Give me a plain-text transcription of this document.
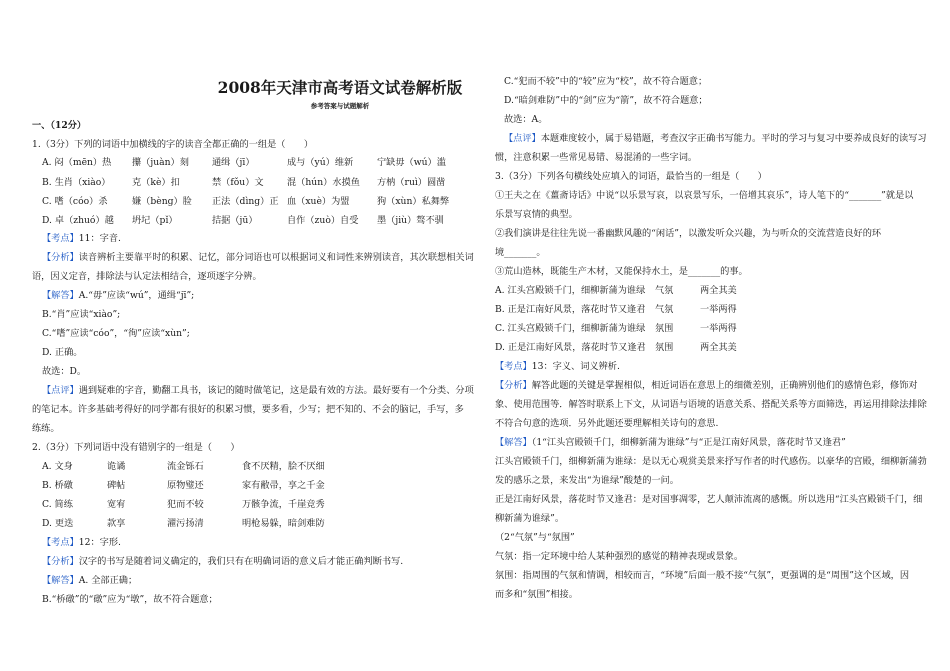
2008年天津市高考语文试卷解析版
参考答案与试题解析
一、（12分）
1.（3分）下列的词语中加横线的字的读音全都正确的一组是（　　）
A. 闷（mēn）热 攥（juàn）刻	通缉（jī）	成与（yú）维新	宁缺毋（wú）滥
B. 生肖（xiào） 克（kè）扣	禁（fǒu）文	混（hún）水摸鱼 方枘（ruì）圆凿
C. 嗜（cóo）杀	嫌（bèng）脸 正法（dìng）正 血（xuè）为盟	狗（xùn）私舞弊
D. 卓（zhuó）越 坍圮（pǐ）	拮据（jū）	自作（zuò）自受 墨（jiù）骜不驯
【考点】11：字音.
【分析】读音辨析主要靠平时的积累、记忆，部分词语也可以根据词义和词性来辨别读音，其次联想相关词
语，因义定音，排除法与认定法相结合，逐项逐字分辨。
【解答】A.“毋”应读“wú”，通缉“jī”;
B.“肖”应读“xiào”;
C.“嗜”应读“cóo”，“徇”应读“xùn”;
D. 正确。
故选：D。
【点评】遇到疑难的字音，勤翻工具书，该记的随时做笔记，这是最有效的方法。最好要有一个分类、分项
的笔记本。许多基础考得好的同学都有很好的积累习惯，要多看，少写；把不知的、不会的脑记，手写，多
练练。
2.（3分）下列词语中没有错别字的一组是（　　）
A. 文身	诡谲	流金铄石	食不厌精，脍不厌细
B. 桥礅	碑帖	原物璧还	家有敝帚，享之千金
C. 简练	宽宥	犯而不较	万骸争流，千崖竞秀
D. 更迭	款享	濯污扬清	明枪易躲，暗剑难防
【考点】12：字形.
【分析】汉字的书写是随着词义确定的，我们只有在明确词语的意义后才能正确判断书写.
【解答】A. 全部正确；
B.“桥礅”的“礅”应为“墩”，故不符合题意；
C.“犯而不较”中的“较”应为“校”，故不符合题意；
D.“暗剑难防”中的“剑”应为“箭”，故不符合题意；
故选：A。
【点评】本题难度较小，属于易错题，考查汉字正确书写能力。平时的学习与复习中要养成良好的读写习
惯，注意积累一些常见易错、易混淆的一些字词。
3.（3分）下列各句横线处应填入的词语，最恰当的一组是（　　）
①王夫之在《薑斋诗话》中说“以乐景写哀，以哀景写乐，一倍增其哀乐”，诗人笔下的“_______”就是以
乐景写哀情的典型。
②我们演讲是往往先说一番幽默风趣的“闲话”，以激发听众兴趣，为与听众的交流营造良好的环
境_______。
③荒山造林，既能生产木材，又能保持水土，是_______的事。
A. 江头宫殿锁千门，细柳新蒲为谁绿 气氛	两全其美
B. 正是江南好风景，落花时节又逢君 气氛	一举两得
C. 江头宫殿锁千门，细柳新蒲为谁绿 氛围	一举两得
D. 正是江南好风景，落花时节又逢君 氛围	两全其美
【考点】13：字义、词义辨析.
【分析】解答此题的关键是掌握相似，相近词语在意思上的细微差别，正确辨别他们的感情色彩，修饰对
象、使用范围等．解答时联系上下文，从词语与语境的语意关系、搭配关系等方面筛选，再运用排除法排除
不符合句意的选项．另外此题还要理解相关诗句的意思.
【解答】（1“江头宫殿锁千门，细柳新蒲为谁绿”与“正是江南好风景，落花时节又逢君”
江头宫殿锁千门，细柳新蒲为谁绿：是以无心观赏美景来抒写作者的时代感伤。以豪华的宫殿，细柳新蒲勃
发的感乐之景，来发出“为谁绿”酸楚的一问。
正是江南好风景，落花时节又逢君：是对国事凋零，艺人颠沛流离的感慨。所以选用“江头宫殿锁千门，细
柳新蒲为谁绿”。
（2“气氛”与“氛围”
气氛：指一定环境中给人某种强烈的感觉的精神表现或景象。
氛围：指周围的气氛和情调，相较而言，“环境”后面一般不接“气氛”，更强调的是“周围”这个区域，因
而多和“氛围”相接。
